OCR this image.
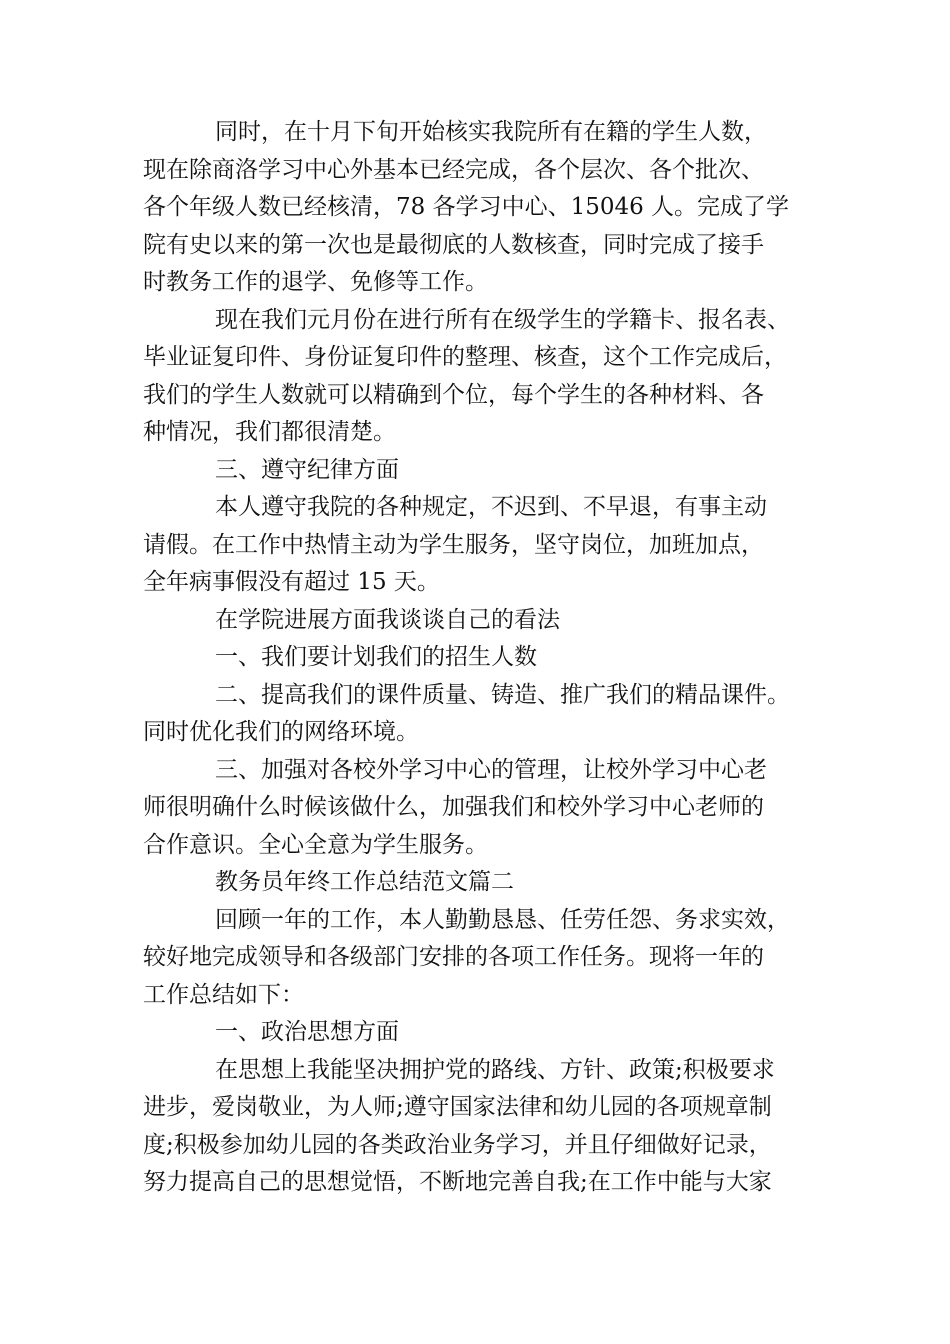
同时，在十月下旬开始核实我院所有在籍的学生人数，
现在除商洛学习中心外基本已经完成，各个层次、各个批次、
各个年级人数已经核清，78 各学习中心、15046 人。完成了学
院有史以来的第一次也是最彻底的人数核查，同时完成了接手
时教务工作的退学、免修等工作。
现在我们元月份在进行所有在级学生的学籍卡、报名表、
毕业证复印件、身份证复印件的整理、核查，这个工作完成后，
我们的学生人数就可以精确到个位，每个学生的各种材料、各
种情况，我们都很清楚。
三、遵守纪律方面
本人遵守我院的各种规定，不迟到、不早退，有事主动
请假。在工作中热情主动为学生服务，坚守岗位，加班加点，
全年病事假没有超过 15 天。
在学院进展方面我谈谈自己的看法
一、我们要计划我们的招生人数
二、提高我们的课件质量、铸造、推广我们的精品课件。
同时优化我们的网络环境。
三、加强对各校外学习中心的管理，让校外学习中心老
师很明确什么时候该做什么，加强我们和校外学习中心老师的
合作意识。全心全意为学生服务。
教务员年终工作总结范文篇二
回顾一年的工作，本人勤勤恳恳、任劳任怨、务求实效，
较好地完成领导和各级部门安排的各项工作任务。现将一年的
工作总结如下：
一、政治思想方面
在思想上我能坚决拥护党的路线、方针、政策;积极要求
进步，爱岗敬业，为人师;遵守国家法律和幼儿园的各项规章制
度;积极参加幼儿园的各类政治业务学习，并且仔细做好记录，
努力提高自己的思想觉悟，不断地完善自我;在工作中能与大家
